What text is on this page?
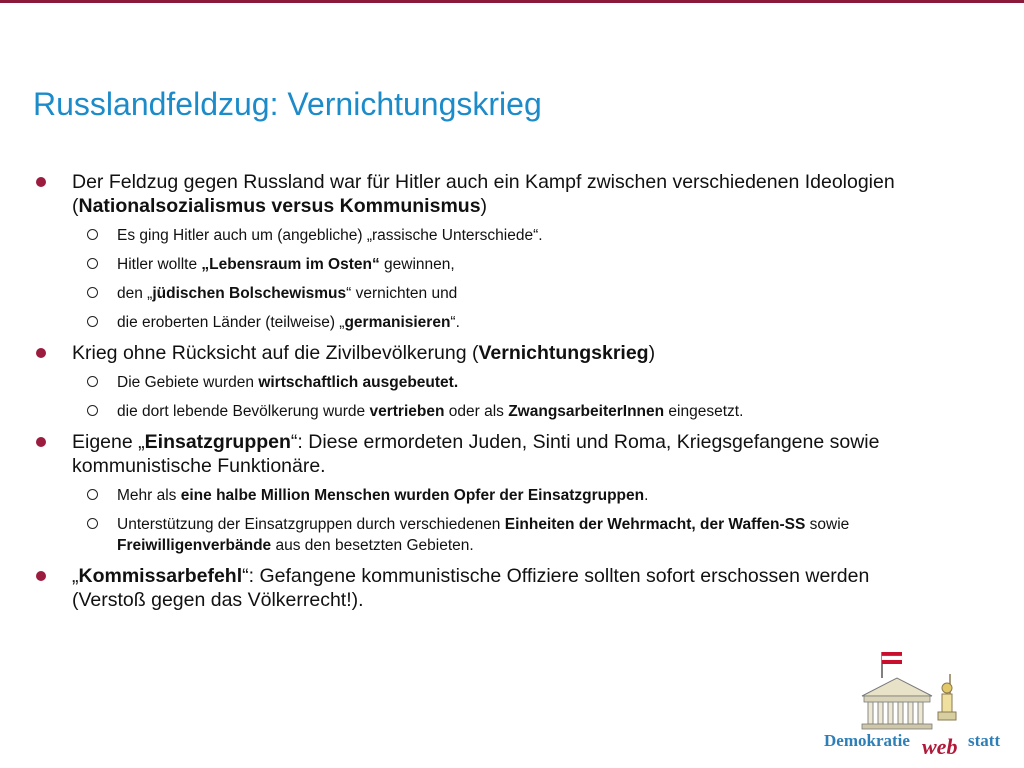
Russlandfeldzug: Vernichtungskrieg
Der Feldzug gegen Russland war für Hitler auch ein Kampf zwischen verschiedenen Ideologien (Nationalsozialismus versus Kommunismus)
Es ging Hitler auch um (angebliche) „rassische Unterschiede“.
Hitler wollte „Lebensraum im Osten“ gewinnen,
den „jüdischen Bolschewismus“ vernichten und
die eroberten Länder (teilweise) „germanisieren“.
Krieg ohne Rücksicht auf die Zivilbevölkerung (Vernichtungskrieg)
Die Gebiete wurden wirtschaftlich ausgebeutet.
die dort lebende Bevölkerung wurde vertrieben oder als ZwangsarbeiterInnen eingesetzt.
Eigene „Einsatzgruppen“: Diese ermordeten Juden, Sinti und Roma, Kriegsgefangene sowie kommunistische Funktionäre.
Mehr als eine halbe Million Menschen wurden Opfer der Einsatzgruppen.
Unterstützung der Einsatzgruppen durch verschiedenen Einheiten der Wehrmacht, der Waffen-SS sowie Freiwilligenverbände aus den besetzten Gebieten.
„Kommissarbefehl“: Gefangene kommunistische Offiziere sollten sofort erschossen werden (Verstoß gegen das Völkerrecht!).
Demokratie web statt
